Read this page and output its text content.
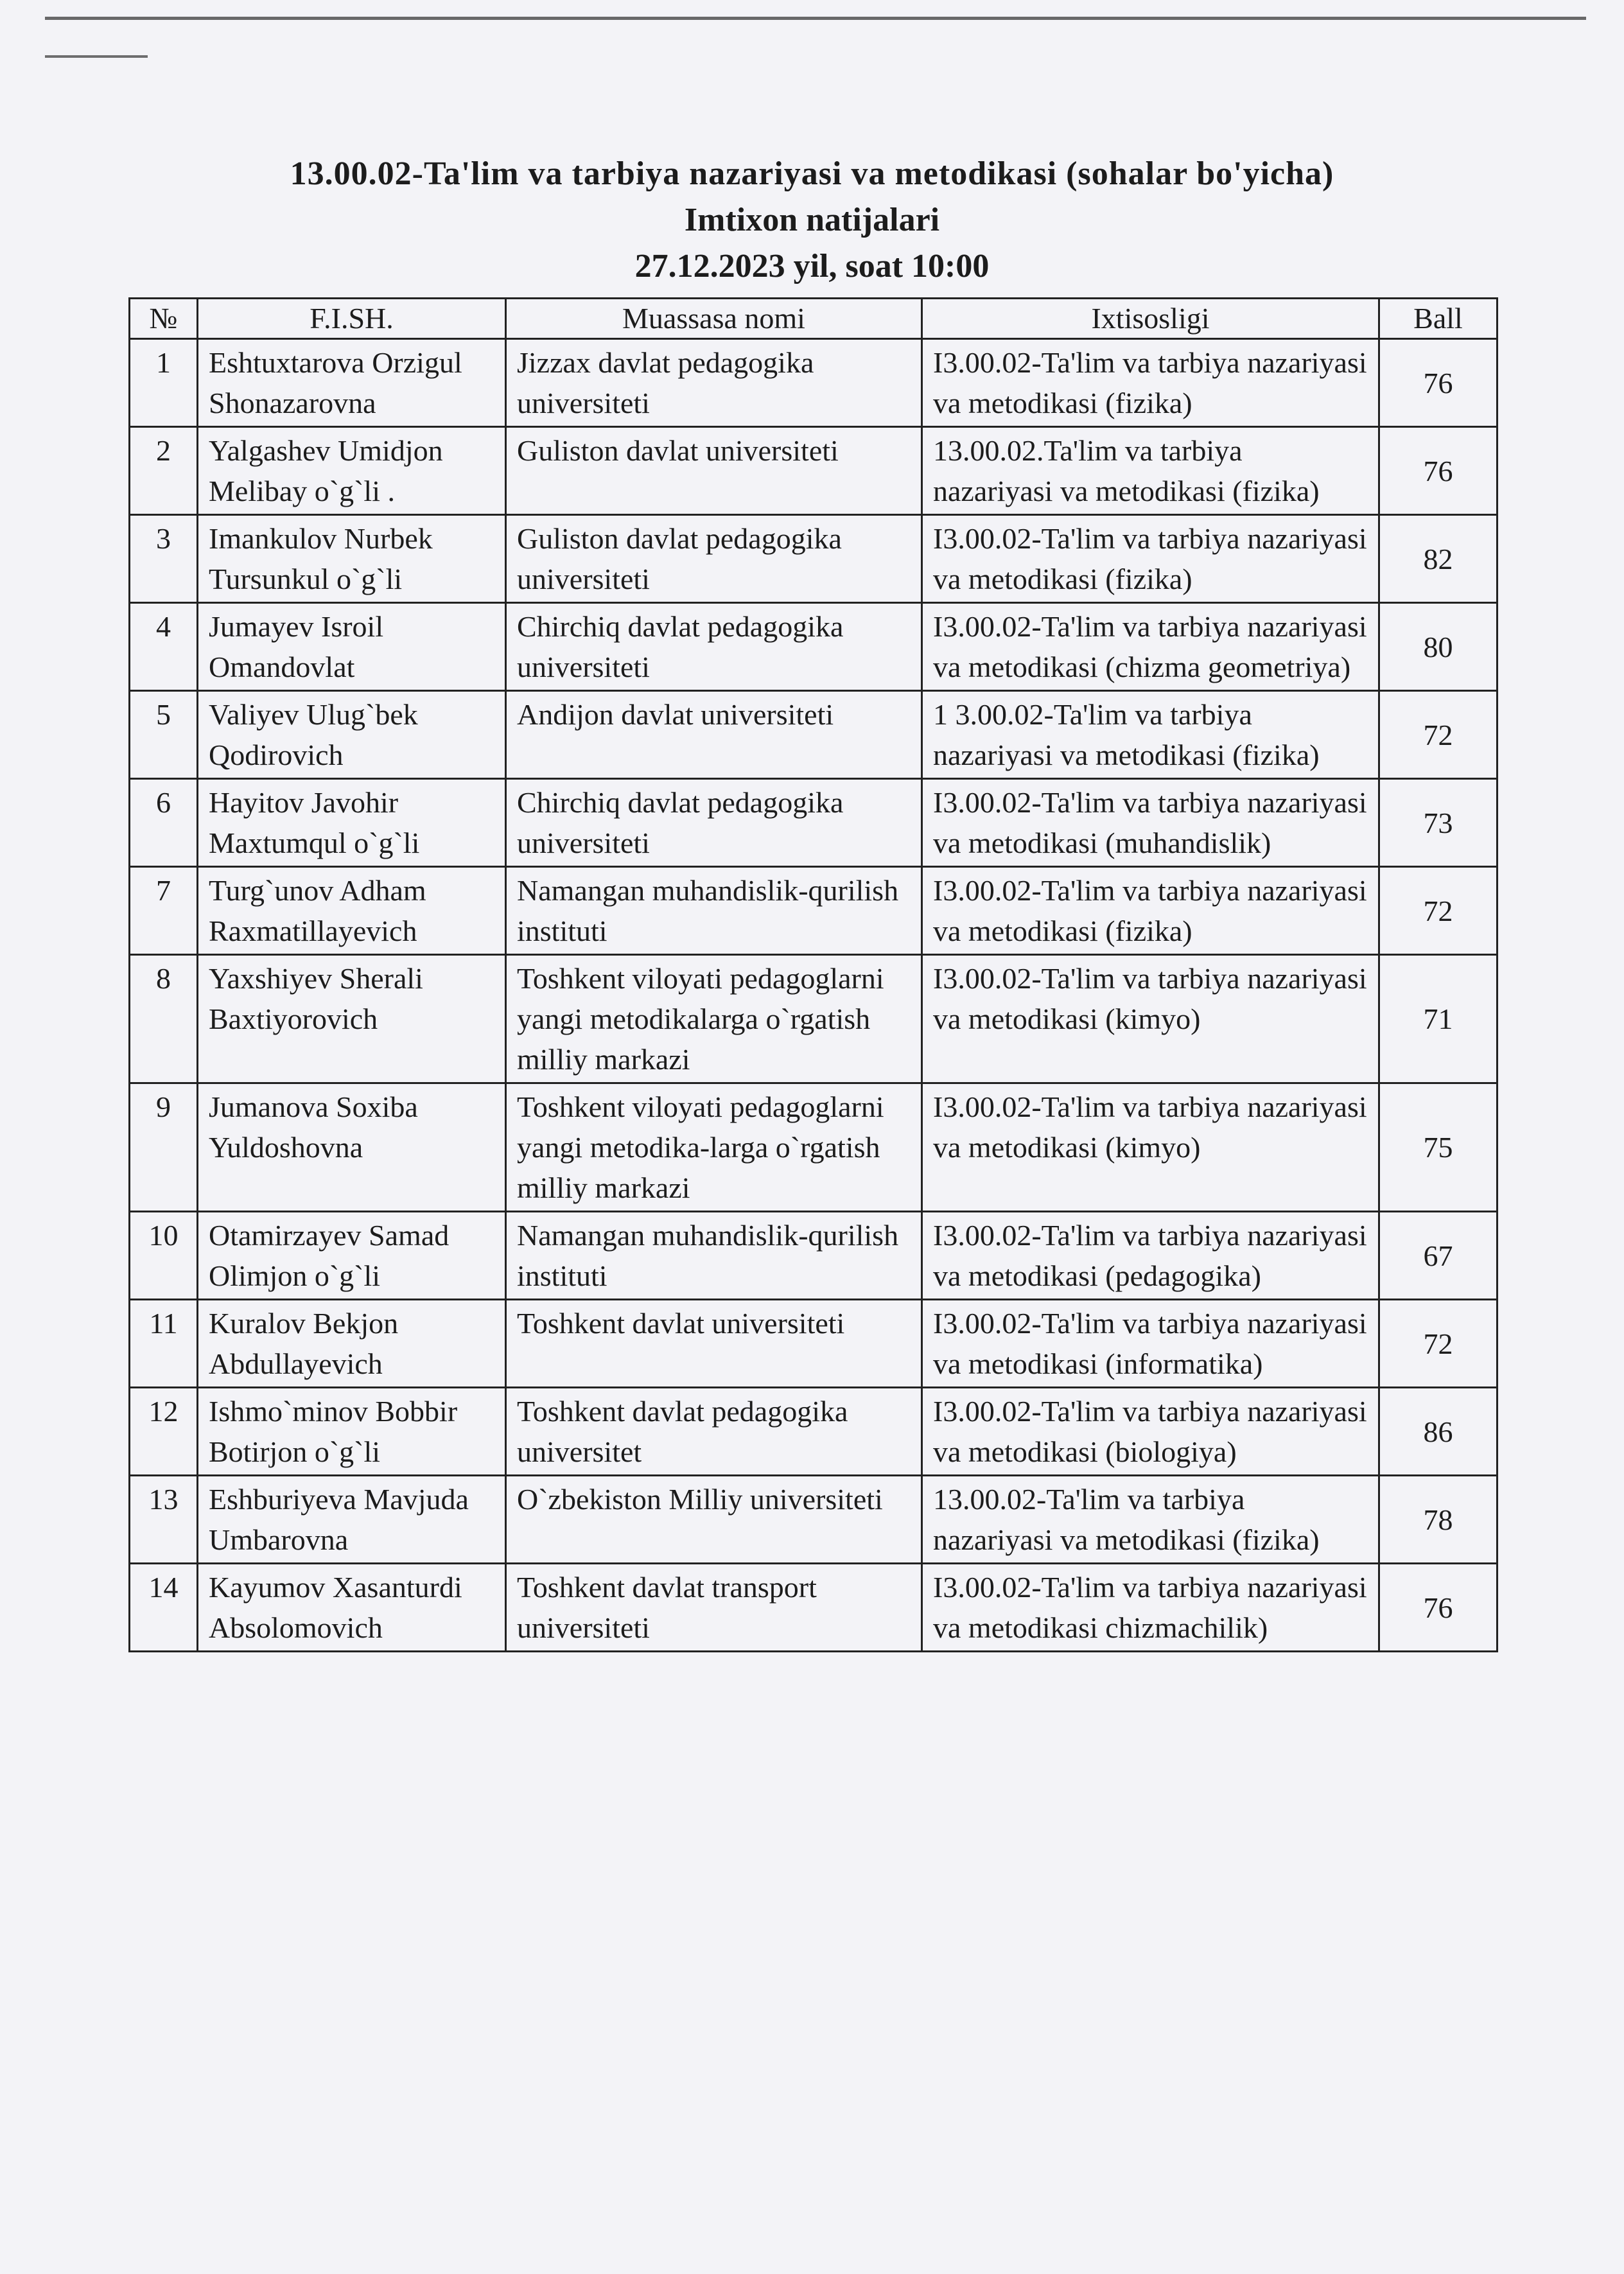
13.00.02-Ta'lim va tarbiya nazariyasi va metodikasi (sohalar bo'yicha)
Imtixon natijalari
27.12.2023 yil, soat 10:00
№	F.I.SH.	Muassasa nomi	Ixtisosligi	Ball
1	Eshtuxtarova Orzigul Shonazarovna	Jizzax davlat pedagogika universiteti	I3.00.02-Ta'lim va tarbiya nazariyasi va metodikasi (fizika)	76
2	Yalgashev Umidjon Melibay o`g`li .	Guliston davlat universiteti	13.00.02.Ta'lim va tarbiya nazariyasi va metodikasi (fizika)	76
3	Imankulov Nurbek Tursunkul o`g`li	Guliston davlat pedagogika universiteti	I3.00.02-Ta'lim va tarbiya nazariyasi va metodikasi (fizika)	82
4	Jumayev Isroil Omandovlat	Chirchiq davlat pedagogika universiteti	I3.00.02-Ta'lim va tarbiya nazariyasi va metodikasi (chizma geometriya)	80
5	Valiyev Ulug`bek Qodirovich	Andijon davlat universiteti	1 3.00.02-Ta'lim va tarbiya nazariyasi va metodikasi (fizika)	72
6	Hayitov Javohir Maxtumqul o`g`li	Chirchiq davlat pedagogika universiteti	I3.00.02-Ta'lim va tarbiya nazariyasi va metodikasi (muhandislik)	73
7	Turg`unov Adham Raxmatillayevich	Namangan muhandislik-qurilish instituti	I3.00.02-Ta'lim va tarbiya nazariyasi va metodikasi (fizika)	72
8	Yaxshiyev Sherali Baxtiyorovich	Toshkent viloyati pedagoglarni yangi metodikalarga o`rgatish milliy markazi	I3.00.02-Ta'lim va tarbiya nazariyasi va metodikasi (kimyo)	71
9	Jumanova Soxiba Yuldoshovna	Toshkent viloyati pedagoglarni yangi metodika-larga o`rgatish milliy markazi	I3.00.02-Ta'lim va tarbiya nazariyasi va metodikasi (kimyo)	75
10	Otamirzayev Samad Olimjon o`g`li	Namangan muhandislik-qurilish instituti	I3.00.02-Ta'lim va tarbiya nazariyasi va metodikasi (pedagogika)	67
11	Kuralov Bekjon Abdullayevich	Toshkent davlat universiteti	I3.00.02-Ta'lim va tarbiya nazariyasi va metodikasi (informatika)	72
12	Ishmo`minov Bobbir Botirjon o`g`li	Toshkent davlat pedagogika universitet	I3.00.02-Ta'lim va tarbiya nazariyasi va metodikasi (biologiya)	86
13	Eshburiyeva Mavjuda Umbarovna	O`zbekiston Milliy universiteti	13.00.02-Ta'lim va tarbiya nazariyasi va metodikasi (fizika)	78
14	Kayumov Xasanturdi Absolomovich	Toshkent davlat transport universiteti	I3.00.02-Ta'lim va tarbiya nazariyasi va metodikasi chizmachilik)	76
